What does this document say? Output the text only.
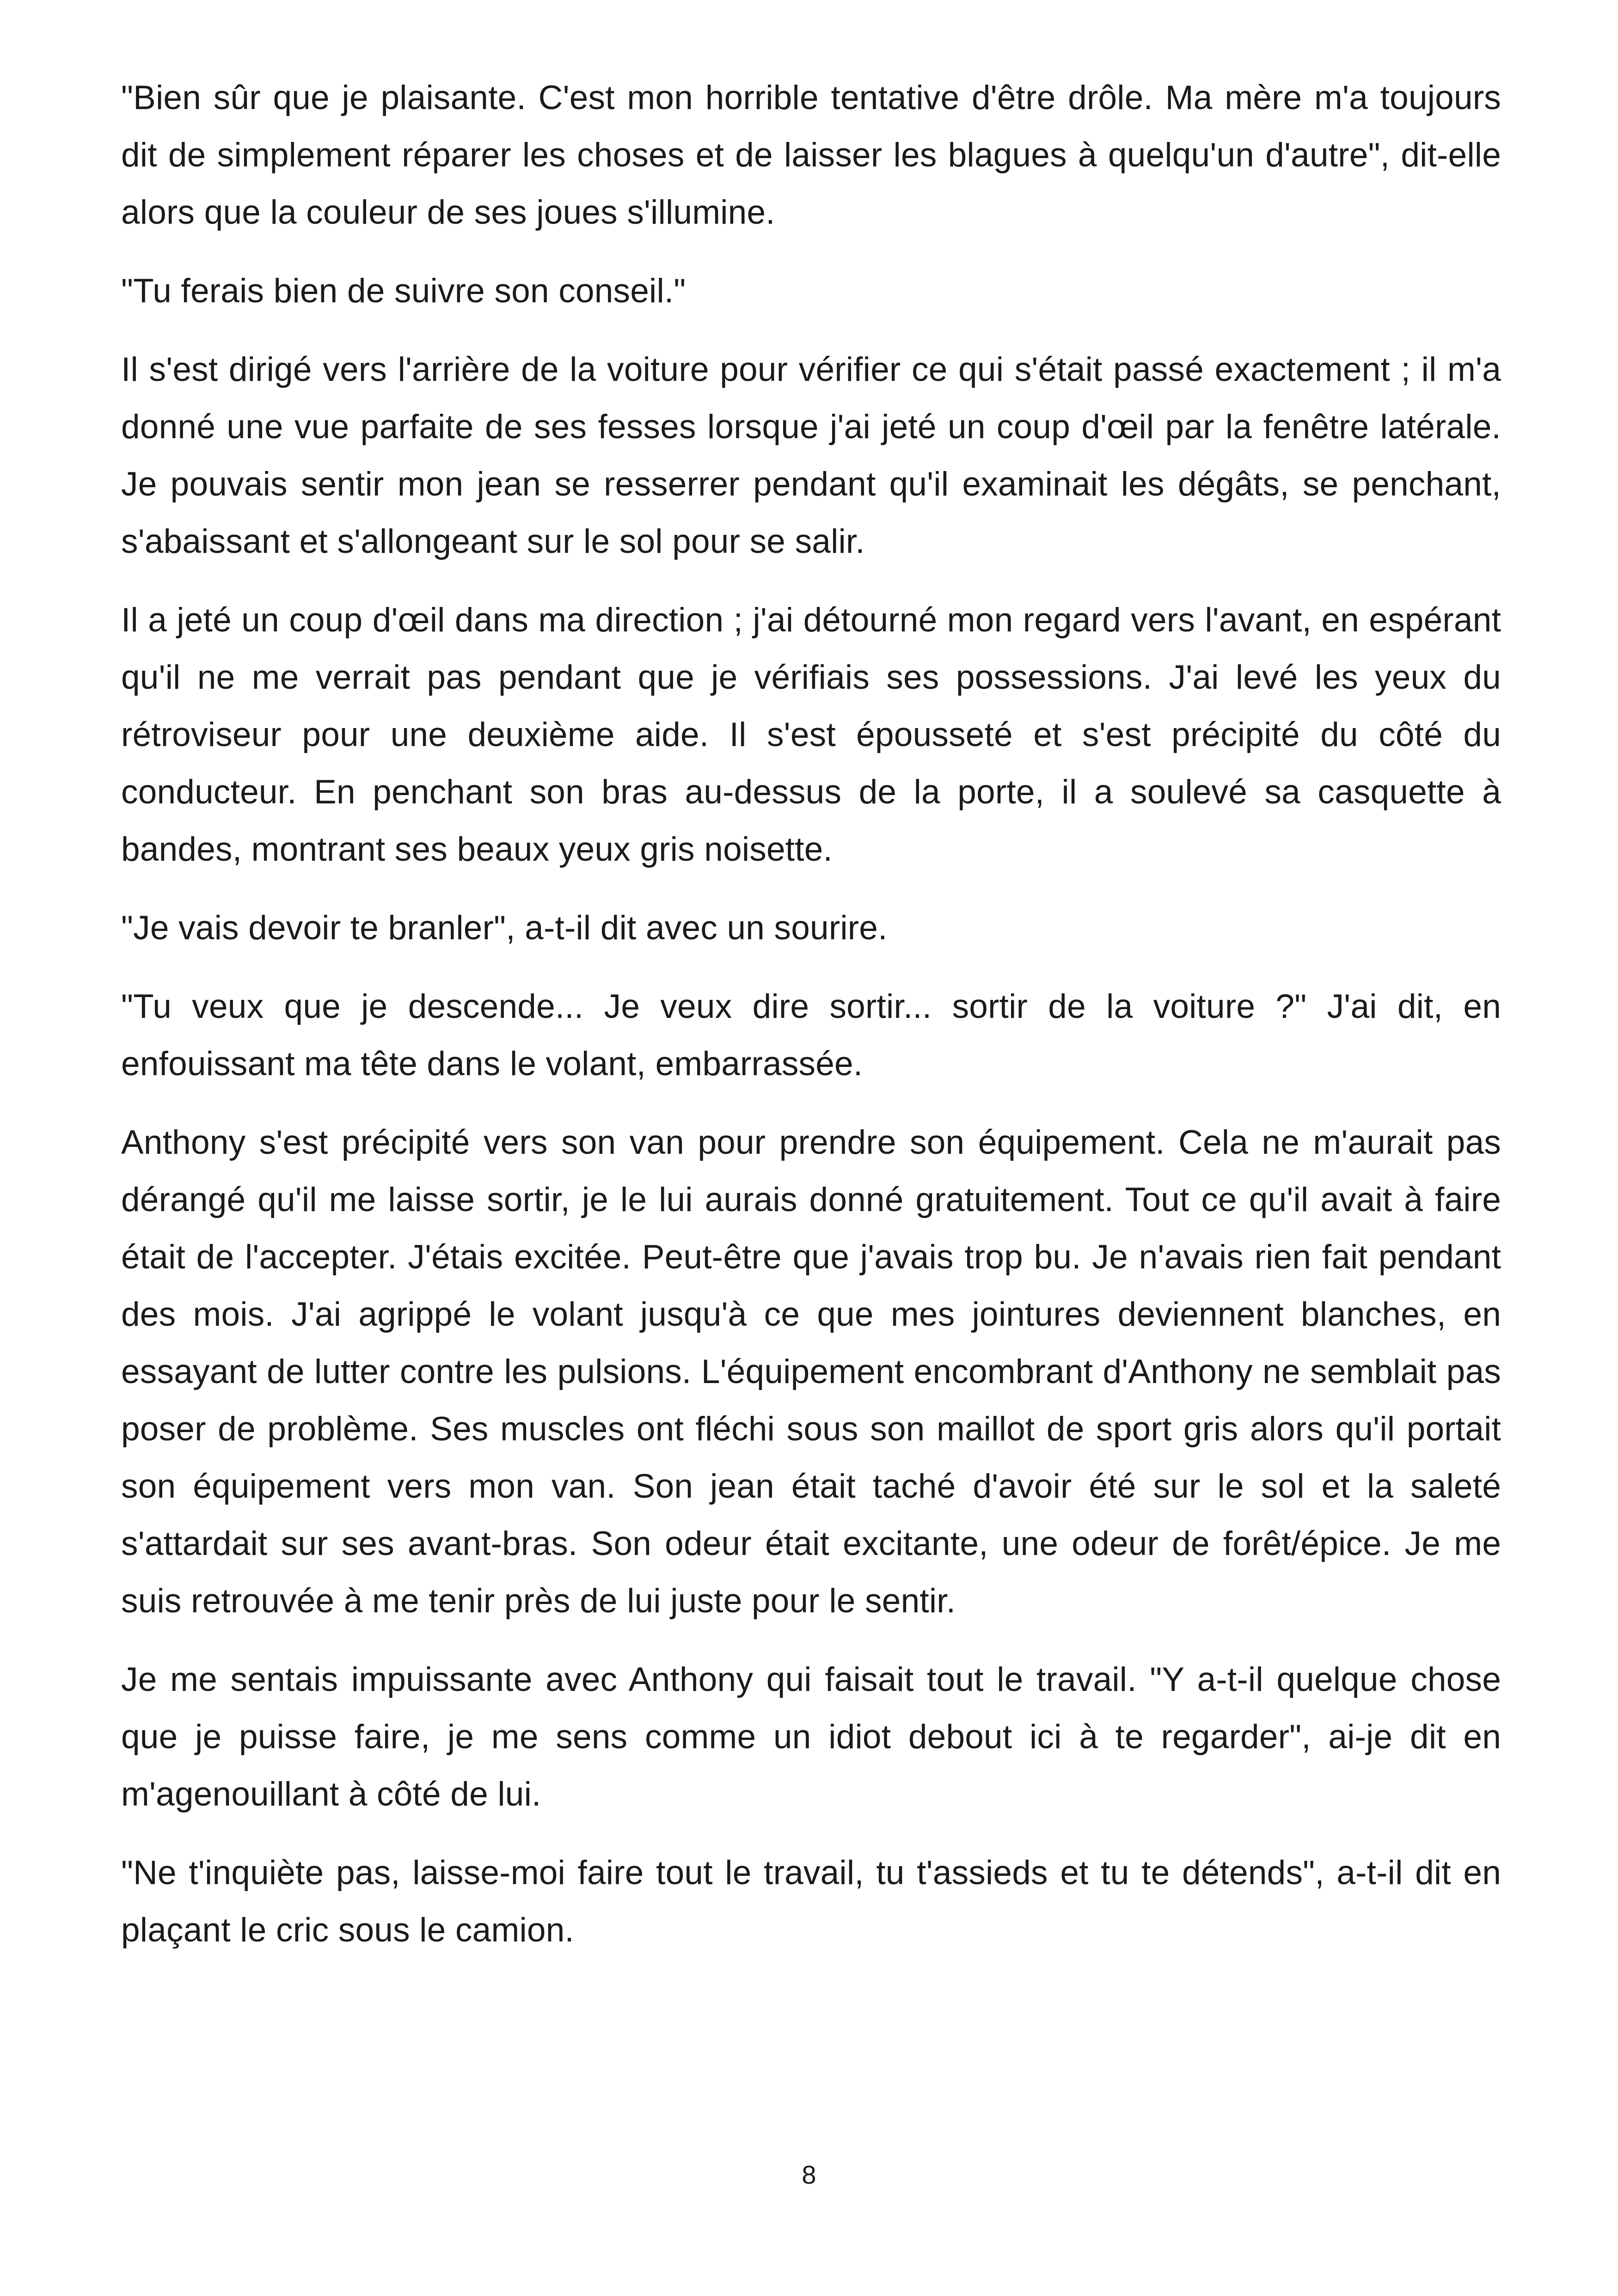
"Bien sûr que je plaisante. C'est mon horrible tentative d'être drôle. Ma mère m'a toujours dit de simplement réparer les choses et de laisser les blagues à quelqu'un d'autre", dit-elle alors que la couleur de ses joues s'illumine.

"Tu ferais bien de suivre son conseil."

Il s'est dirigé vers l'arrière de la voiture pour vérifier ce qui s'était passé exactement ; il m'a donné une vue parfaite de ses fesses lorsque j'ai jeté un coup d'œil par la fenêtre latérale. Je pouvais sentir mon jean se resserrer pendant qu'il examinait les dégâts, se penchant, s'abaissant et s'allongeant sur le sol pour se salir.

Il a jeté un coup d'œil dans ma direction ; j'ai détourné mon regard vers l'avant, en espérant qu'il ne me verrait pas pendant que je vérifiais ses possessions. J'ai levé les yeux du rétroviseur pour une deuxième aide. Il s'est épousseté et s'est précipité du côté du conducteur. En penchant son bras au-dessus de la porte, il a soulevé sa casquette à bandes, montrant ses beaux yeux gris noisette.

"Je vais devoir te branler", a-t-il dit avec un sourire.

"Tu veux que je descende... Je veux dire sortir... sortir de la voiture ?" J'ai dit, en enfouissant ma tête dans le volant, embarrassée.

Anthony s'est précipité vers son van pour prendre son équipement. Cela ne m'aurait pas dérangé qu'il me laisse sortir, je le lui aurais donné gratuitement. Tout ce qu'il avait à faire était de l'accepter. J'étais excitée. Peut-être que j'avais trop bu. Je n'avais rien fait pendant des mois. J'ai agrippé le volant jusqu'à ce que mes jointures deviennent blanches, en essayant de lutter contre les pulsions. L'équipement encombrant d'Anthony ne semblait pas poser de problème. Ses muscles ont fléchi sous son maillot de sport gris alors qu'il portait son équipement vers mon van. Son jean était taché d'avoir été sur le sol et la saleté s'attardait sur ses avant-bras. Son odeur était excitante, une odeur de forêt/épice. Je me suis retrouvée à me tenir près de lui juste pour le sentir.

Je me sentais impuissante avec Anthony qui faisait tout le travail. "Y a-t-il quelque chose que je puisse faire, je me sens comme un idiot debout ici à te regarder", ai-je dit en m'agenouillant à côté de lui.

"Ne t'inquiète pas, laisse-moi faire tout le travail, tu t'assieds et tu te détends", a-t-il dit en plaçant le cric sous le camion.

8
